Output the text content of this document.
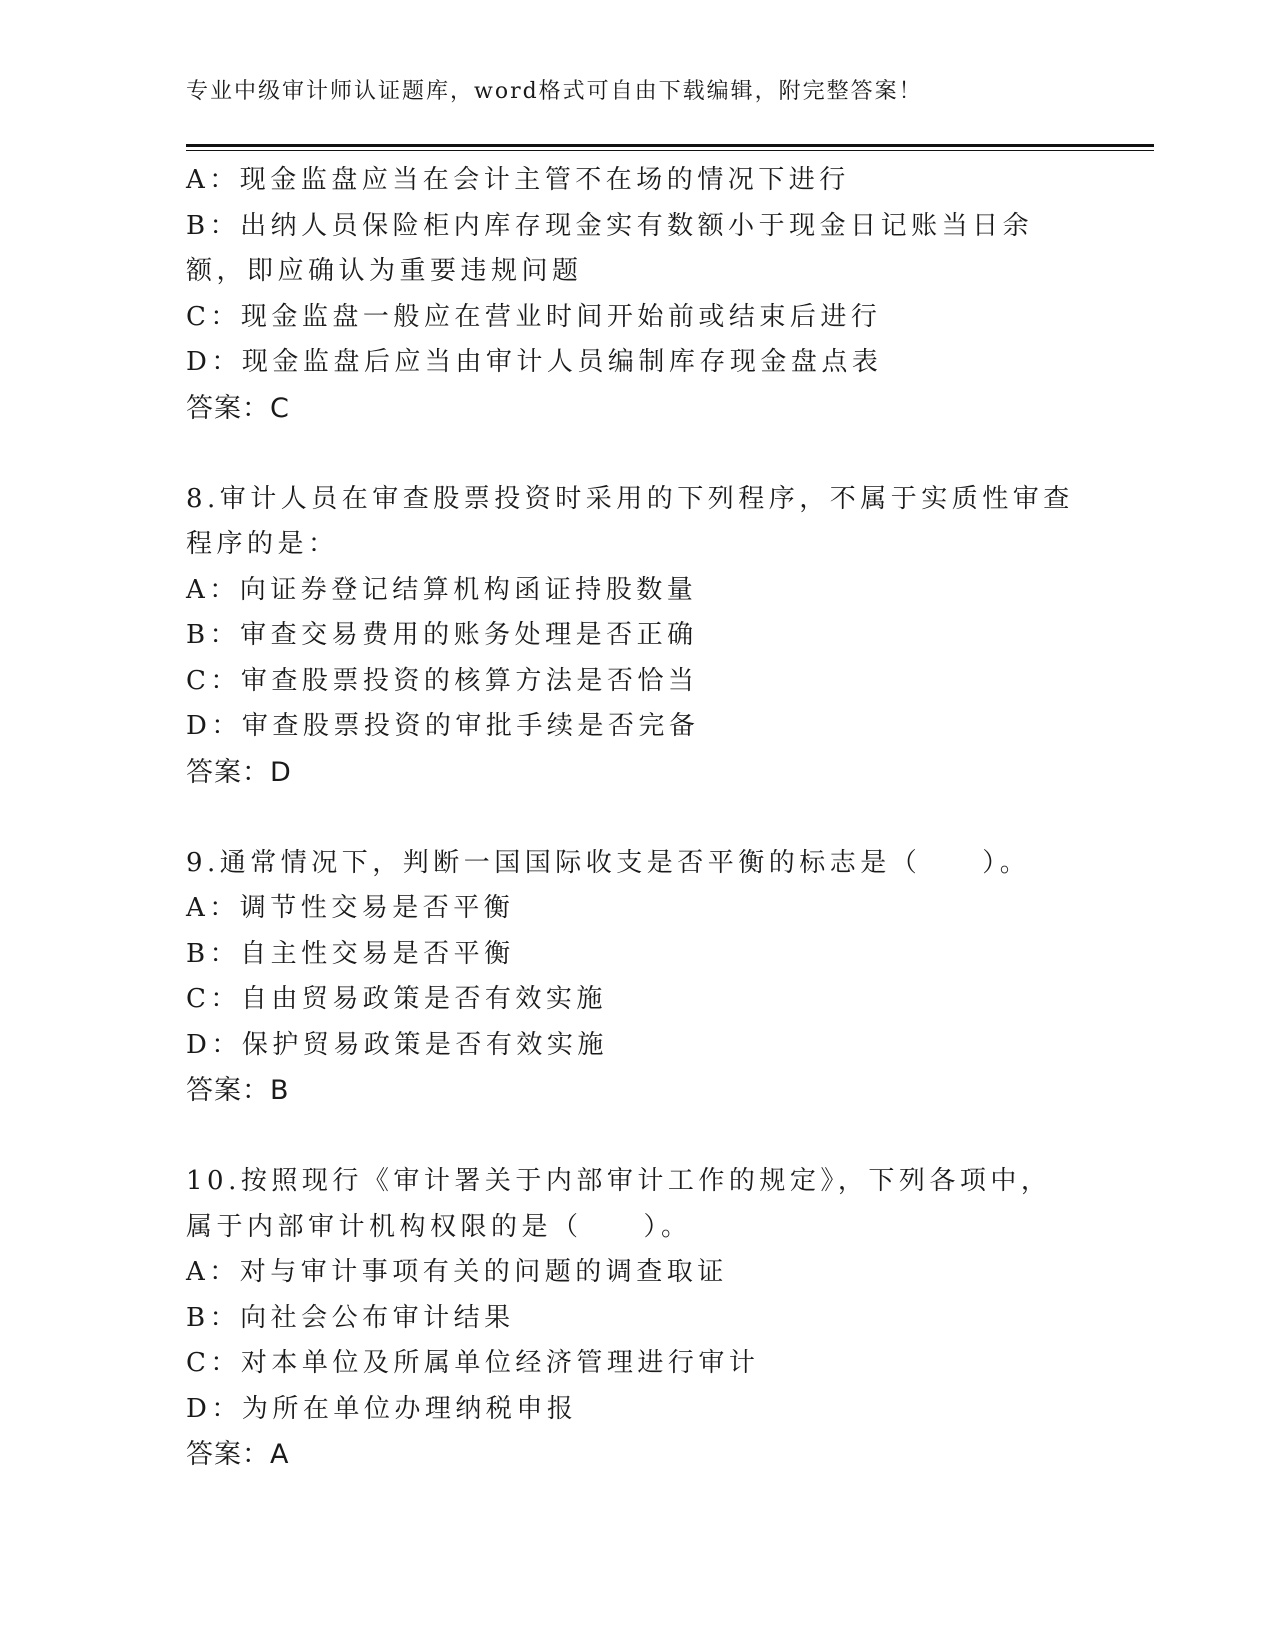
专业中级审计师认证题库，word格式可自由下载编辑，附完整答案！

A：现金监盘应当在会计主管不在场的情况下进行

B：出纳人员保险柜内库存现金实有数额小于现金日记账当日余额，即应确认为重要违规问题

C：现金监盘一般应在营业时间开始前或结束后进行

D：现金监盘后应当由审计人员编制库存现金盘点表

答案：C

8.审计人员在审查股票投资时采用的下列程序，不属于实质性审查程序的是：

A：向证券登记结算机构函证持股数量

B：审查交易费用的账务处理是否正确

C：审查股票投资的核算方法是否恰当

D：审查股票投资的审批手续是否完备

答案：D

9.通常情况下，判断一国国际收支是否平衡的标志是（　　）。

A：调节性交易是否平衡

B：自主性交易是否平衡

C：自由贸易政策是否有效实施

D：保护贸易政策是否有效实施

答案：B

10.按照现行《审计署关于内部审计工作的规定》，下列各项中，属于内部审计机构权限的是（　　）。

A：对与审计事项有关的问题的调查取证

B：向社会公布审计结果

C：对本单位及所属单位经济管理进行审计

D：为所在单位办理纳税申报

答案：A
